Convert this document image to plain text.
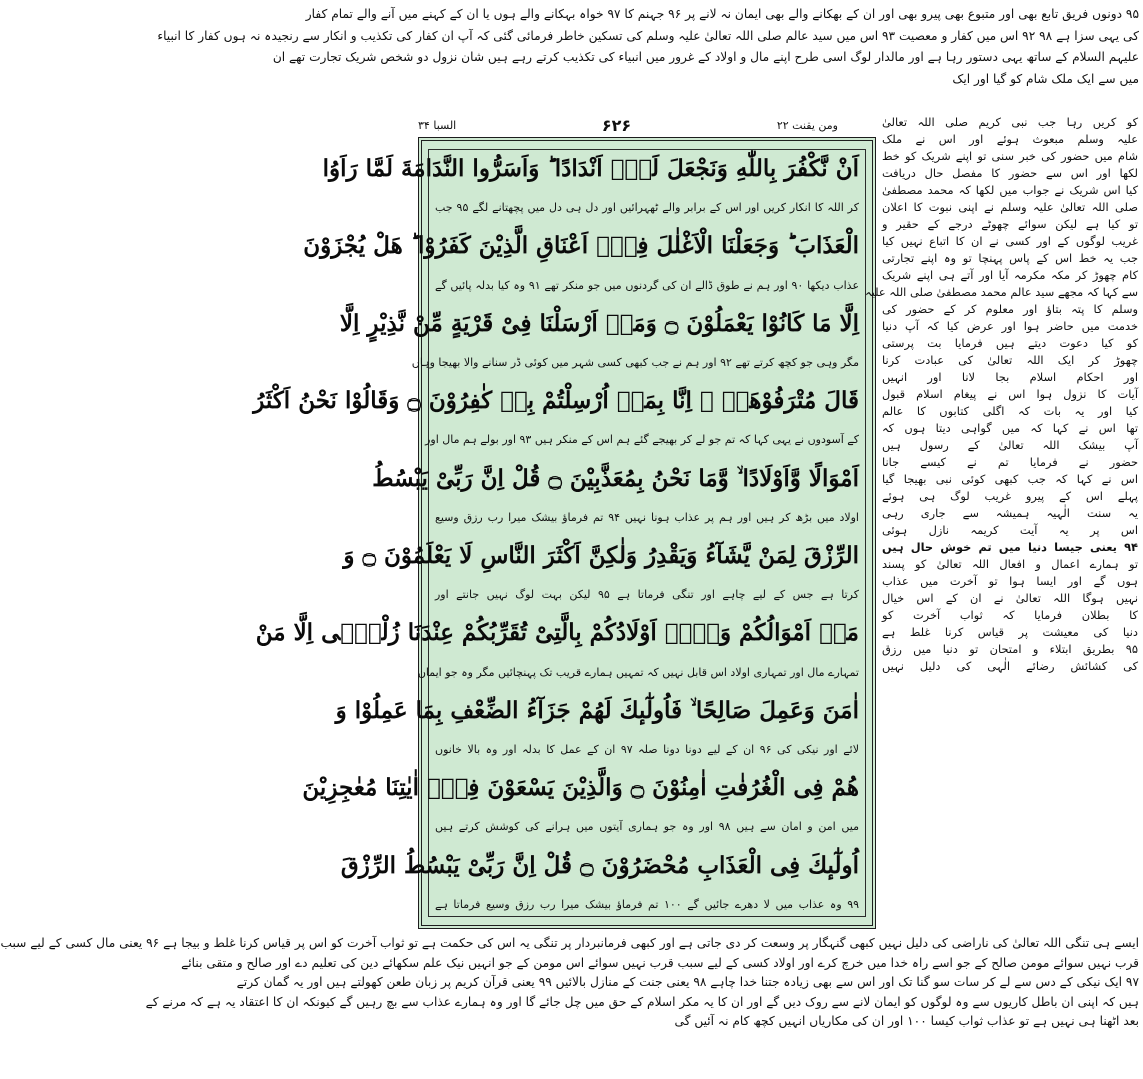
۹۵ دونوں فریق تابع بھی اور متبوع بھی پیرو بھی اور ان کے بھکانے والے بھی ایمان نہ لانے پر ۹۶ جہنم کا ۹۷ خواہ بہکانے والے ہوں یا ان کے کہنے میں آنے والے تمام کفار

کی یہی سزا ہے ۹۸ ۹۲ اس میں کفار و معصیت ۹۳ اس میں سید عالم صلی اللہ تعالیٰ علیہ وسلم کی تسکین خاطر فرمائی گئی کہ آپ ان کفار کی تکذیب و انکار سے رنجیدہ نہ ہوں کفار کا انبیاء

علیہم السلام کے ساتھ یہی دستور رہا ہے اور مالدار لوگ اسی طرح اپنے مال و اولاد کے غرور میں انبیاء کی تکذیب کرتے رہے ہیں شان نزول دو شخص شریک تجارت تھے ان

میں سے ایک ملک شام کو گیا اور ایک

ومن یقنت ۲۲
۶۲۶
السبا ۳۴
اَنْ نَّكْفُرَ بِاللّٰهِ وَنَجْعَلَ لَهٗۤ اَنْدَادًا ؕ وَاَسَرُّوا النَّدَامَةَ لَمَّا رَاَوُا
کر اللہ کا انکار کریں اور اس کے برابر والے ٹھہرائیں اور دل ہی دل میں پچھتانے لگے ۹۵ جب
الْعَذَابَ ؕ وَجَعَلْنَا الْاَغْلٰلَ فِیْۤ اَعْنَاقِ الَّذِیْنَ كَفَرُوْا ؕ هَلْ یُجْزَوْنَ
عذاب دیکھا ۹۰ اور ہم نے طوق ڈالے ان کی گردنوں میں جو منکر تھے ۹۱ وہ کیا بدلہ پائیں گے
اِلَّا مَا كَانُوْا یَعْمَلُوْنَ ۝ وَمَاۤ اَرْسَلْنَا فِیْ قَرْیَةٍ مِّنْ نَّذِیْرٍ اِلَّا
مگر وہی جو کچھ کرتے تھے ۹۲ اور ہم نے جب کبھی کسی شہر میں کوئی ڈر سنانے والا بھیجا وہاں
قَالَ مُتْرَفُوْهَاۤ ۙ اِنَّا بِمَاۤ اُرْسِلْتُمْ بِهٖ كٰفِرُوْنَ ۝ وَقَالُوْا نَحْنُ اَكْثَرُ
کے آسودوں نے یہی کہا کہ تم جو لے کر بھیجے گئے ہم اس کے منکر ہیں ۹۳ اور بولے ہم مال اور
اَمْوَالًا وَّاَوْلَادًا ۙ وَّمَا نَحْنُ بِمُعَذَّبِیْنَ ۝ قُلْ اِنَّ رَبِّیْ یَبْسُطُ
اولاد میں بڑھ کر ہیں اور ہم پر عذاب ہونا نہیں ۹۴ تم فرماؤ بیشک میرا رب رزق وسیع
الرِّزْقَ لِمَنْ یَّشَآءُ وَیَقْدِرُ وَلٰكِنَّ اَكْثَرَ النَّاسِ لَا یَعْلَمُوْنَ ۝ وَ
کرتا ہے جس کے لیے چاہے اور تنگی فرماتا ہے ۹۵ لیکن بہت لوگ نہیں جانتے اور
مَاۤ اَمْوَالُكُمْ وَلَاۤ اَوْلَادُكُمْ بِالَّتِیْ تُقَرِّبُكُمْ عِنْدَنَا زُلْفٰۤی اِلَّا مَنْ
تمہارے مال اور تمہاری اولاد اس قابل نہیں کہ تمہیں ہمارے قریب تک پہنچائیں مگر وہ جو ایمان
اٰمَنَ وَعَمِلَ صَالِحًا ۙ فَاُولٰٓىٕكَ لَهُمْ جَزَآءُ الضِّعْفِ بِمَا عَمِلُوْا وَ
لائے اور نیکی کی ۹۶ ان کے لیے دونا دونا صلہ ۹۷ ان کے عمل کا بدلہ اور وہ بالا خانوں
هُمْ فِی الْغُرُفٰتِ اٰمِنُوْنَ ۝ وَالَّذِیْنَ یَسْعَوْنَ فِیْۤ اٰیٰتِنَا مُعٰجِزِیْنَ
میں امن و امان سے ہیں ۹۸ اور وہ جو ہماری آیتوں میں ہرانے کی کوشش کرتے ہیں
اُولٰٓىٕكَ فِی الْعَذَابِ مُحْضَرُوْنَ ۝ قُلْ اِنَّ رَبِّیْ یَبْسُطُ الرِّزْقَ
۹۹ وہ عذاب میں لا دھرے جائیں گے ۱۰۰ تم فرماؤ بیشک میرا رب رزق وسیع فرماتا ہے

کو کریں رہا جب نبی کریم صلی اللہ تعالیٰ

علیہ وسلم مبعوث ہوئے اور اس نے ملک

شام میں حضور کی خبر سنی تو اپنے شریک کو خط

لکھا اور اس سے حضور کا مفصل حال دریافت

کیا اس شریک نے جواب میں لکھا کہ محمد مصطفیٰ

صلی اللہ تعالیٰ علیہ وسلم نے اپنی نبوت کا اعلان

تو کیا ہے لیکن سوائے چھوٹے درجے کے حقیر و

غریب لوگوں کے اور کسی نے ان کا اتباع نہیں کیا

جب یہ خط اس کے پاس پہنچا تو وہ اپنے تجارتی

کام چھوڑ کر مکہ مکرمہ آیا اور آتے ہی اپنے شریک

سے کہا کہ مجھے سید عالم محمد مصطفیٰ صلی اللہ علیہ

وسلم کا پتہ بتاؤ اور معلوم کر کے حضور کی

خدمت میں حاضر ہوا اور عرض کیا کہ آپ دنیا

کو کیا دعوت دیتے ہیں فرمایا بت پرستی

چھوڑ کر ایک اللہ تعالیٰ کی عبادت کرنا

اور احکام اسلام بجا لانا اور انہیں

آیات کا نزول ہوا اس نے پیغام اسلام قبول

کیا اور یہ بات کہ اگلی کتابوں کا عالم

تھا اس نے کہا کہ میں گواہی دیتا ہوں کہ

آپ بیشک اللہ تعالیٰ کے رسول ہیں

حضور نے فرمایا تم نے کیسے جانا

اس نے کہا کہ جب کبھی کوئی نبی بھیجا گیا

پہلے اس کے پیرو غریب لوگ ہی ہوئے

یہ سنت الٰہیہ ہمیشہ سے جاری رہی

اس پر یہ آیت کریمہ نازل ہوئی

۹۴ یعنی جیسا دنیا میں تم خوش حال ہیں

تو ہمارے اعمال و افعال اللہ تعالیٰ کو پسند

ہوں گے اور ایسا ہوا تو آخرت میں عذاب

نہیں ہوگا اللہ تعالیٰ نے ان کے اس خیال

کا بطلان فرمایا کہ ثواب آخرت کو

دنیا کی معیشت پر قیاس کرنا غلط ہے

۹۵ بطریق ابتلاء و امتحان تو دنیا میں رزق

کی کشائش رضائے الٰہی کی دلیل نہیں

ایسے ہی تنگی اللہ تعالیٰ کی ناراضی کی دلیل نہیں کبھی گنہگار پر وسعت کر دی جاتی ہے اور کبھی فرمانبردار پر تنگی یہ اس کی حکمت ہے تو ثواب آخرت کو اس پر قیاس کرنا غلط و بیجا ہے ۹۶ یعنی مال کسی کے لیے سبب

قرب نہیں سوائے مومن صالح کے جو اسے راہ خدا میں خرچ کرے اور اولاد کسی کے لیے سبب قرب نہیں سوائے اس مومن کے جو انہیں نیک علم سکھائے دین کی تعلیم دے اور صالح و متقی بنائے

۹۷ ایک نیکی کے دس سے لے کر سات سو گنا تک اور اس سے بھی زیادہ جتنا خدا چاہے ۹۸ یعنی جنت کے منازل بالائیں ۹۹ یعنی قرآن کریم پر زبان طعن کھولتے ہیں اور یہ گمان کرتے

ہیں کہ اپنی ان باطل کاریوں سے وہ لوگوں کو ایمان لانے سے روک دیں گے اور ان کا یہ مکر اسلام کے حق میں چل جائے گا اور وہ ہمارے عذاب سے بچ رہیں گے کیونکہ ان کا اعتقاد یہ ہے کہ مرنے کے

بعد اٹھنا ہی نہیں ہے تو عذاب ثواب کیسا ۱۰۰ اور ان کی مکاریاں انہیں کچھ کام نہ آئیں گی
